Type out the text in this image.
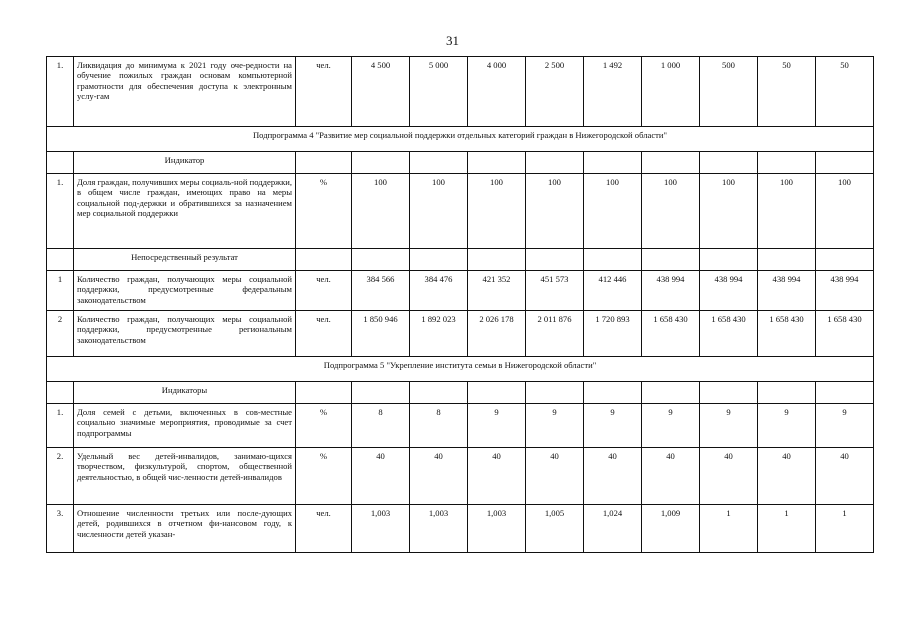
31
1.	Ликвидация до минимума к 2021 году оче-редности на обучение пожилых граждан основам компьютерной грамотности для обеспечения доступа к электронным услу-гам	чел.	4 500	5 000	4 000	2 500	1 492	1 000	500	50	50
Подпрограмма 4 "Развитие мер социальной поддержки отдельных категорий граждан в Нижегородской области"											
	Индикатор										
1.	Доля граждан, получивших меры социаль-ной поддержки, в общем числе граждан, имеющих право на меры социальной под-держки и обратившихся за назначением мер социальной поддержки	%	100	100	100	100	100	100	100	100	100
	Непосредственный результат										
1	Количество граждан, получающих меры социальной поддержки, предусмотренные федеральным законодательством	чел.	384 566	384 476	421 352	451 573	412 446	438 994	438 994	438 994	438 994
2	Количество граждан, получающих меры социальной поддержки, предусмотренные региональным законодательством	чел.	1 850 946	1 892 023	2 026 178	2 011 876	1 720 893	1 658 430	1 658 430	1 658 430	1 658 430
Подпрограмма 5 "Укрепление института семьи в Нижегородской области"											
	Индикаторы										
1.	Доля семей с детьми, включенных в сов-местные социально значимые мероприятия, проводимые за счет подпрограммы	%	8	8	9	9	9	9	9	9	9
2.	Удельный вес детей-инвалидов, занимаю-щихся творчеством, физкультурой, спортом, общественной деятельностью, в общей чис-ленности детей-инвалидов	%	40	40	40	40	40	40	40	40	40
3.	Отношение численности третьих или после-дующих детей, родившихся в отчетном фи-нансовом году, к численности детей указан-	чел.	1,003	1,003	1,003	1,005	1,024	1,009	1	1	1
